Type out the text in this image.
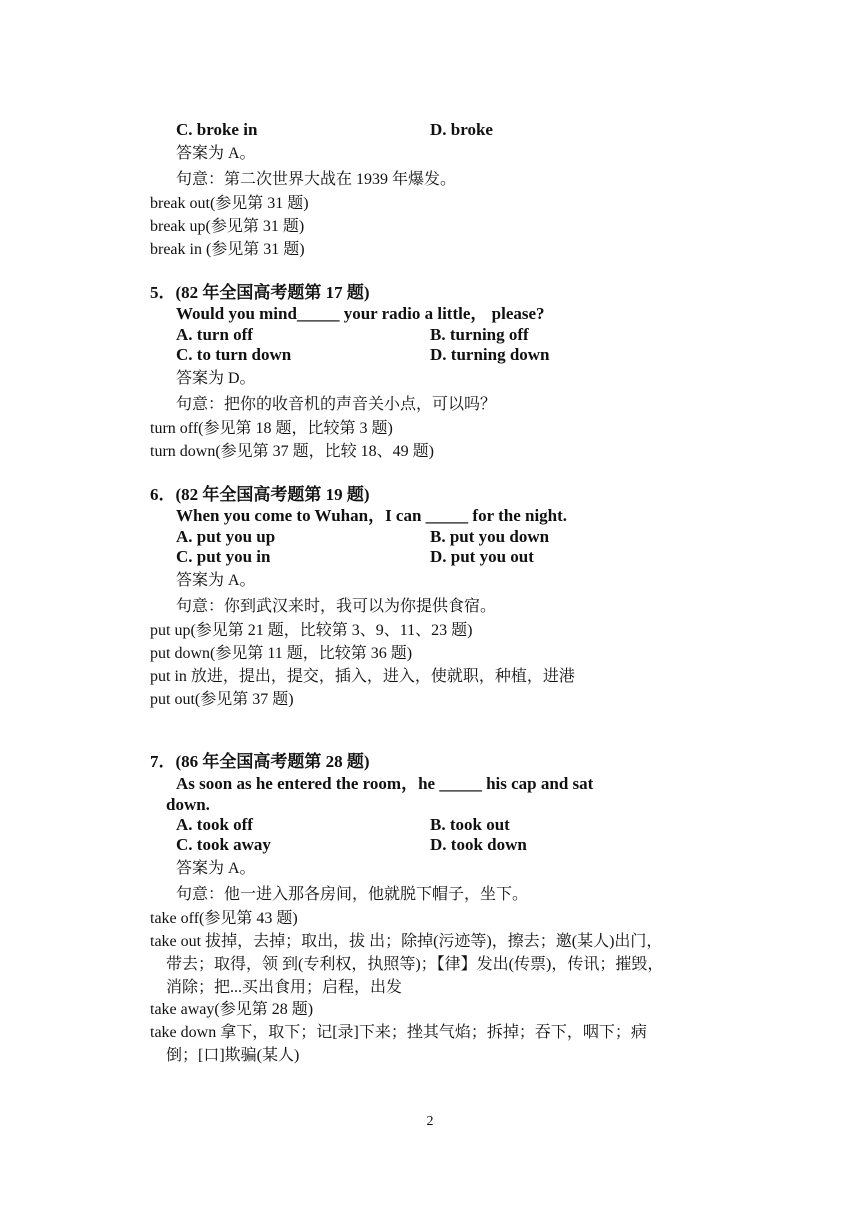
C. broke in	D. broke
答案为 A。
句意：第二次世界大战在 1939 年爆发。
break out(参见第 31 题)
break up(参见第 31 题)
break in (参见第 31 题)
5．(82 年全国高考题第 17 题)
Would you mind_____ your radio a little， please?
A. turn off	B. turning off
C. to turn down	D. turning down
答案为 D。
句意：把你的收音机的声音关小点，可以吗？
turn off(参见第 18 题，比较第 3 题)
turn down(参见第 37 题，比较 18、49 题)
6．(82 年全国高考题第 19 题)
When you come to Wuhan，I can _____ for the night.
A. put you up	B. put you down
C. put you in	D. put you out
答案为 A。
句意：你到武汉来时，我可以为你提供食宿。
put up(参见第 21 题，比较第 3、9、11、23 题)
put down(参见第 11 题，比较第 36 题)
put in 放进，提出，提交，插入，进入，使就职，种植，进港
put out(参见第 37 题)
7．(86 年全国高考题第 28 题)
As soon as he entered the room，he _____ his cap and sat
down.
A. took off	B. took out
C. took away	D. took down
答案为 A。
句意：他一进入那各房间，他就脱下帽子，坐下。
take off(参见第 43 题)
take out 拔掉，去掉；取出，拔 出；除掉(污迹等)，擦去；邀(某人)出门，
带去；取得，领 到(专利权，执照等)；【律】发出(传票)，传讯；摧毁，
消除；把...买出食用；启程，出发
take away(参见第 28 题)
take down 拿下，取下；记[录]下来；挫其气焰；拆掉；吞下，咽下；病
倒；[口]欺骗(某人)
2
